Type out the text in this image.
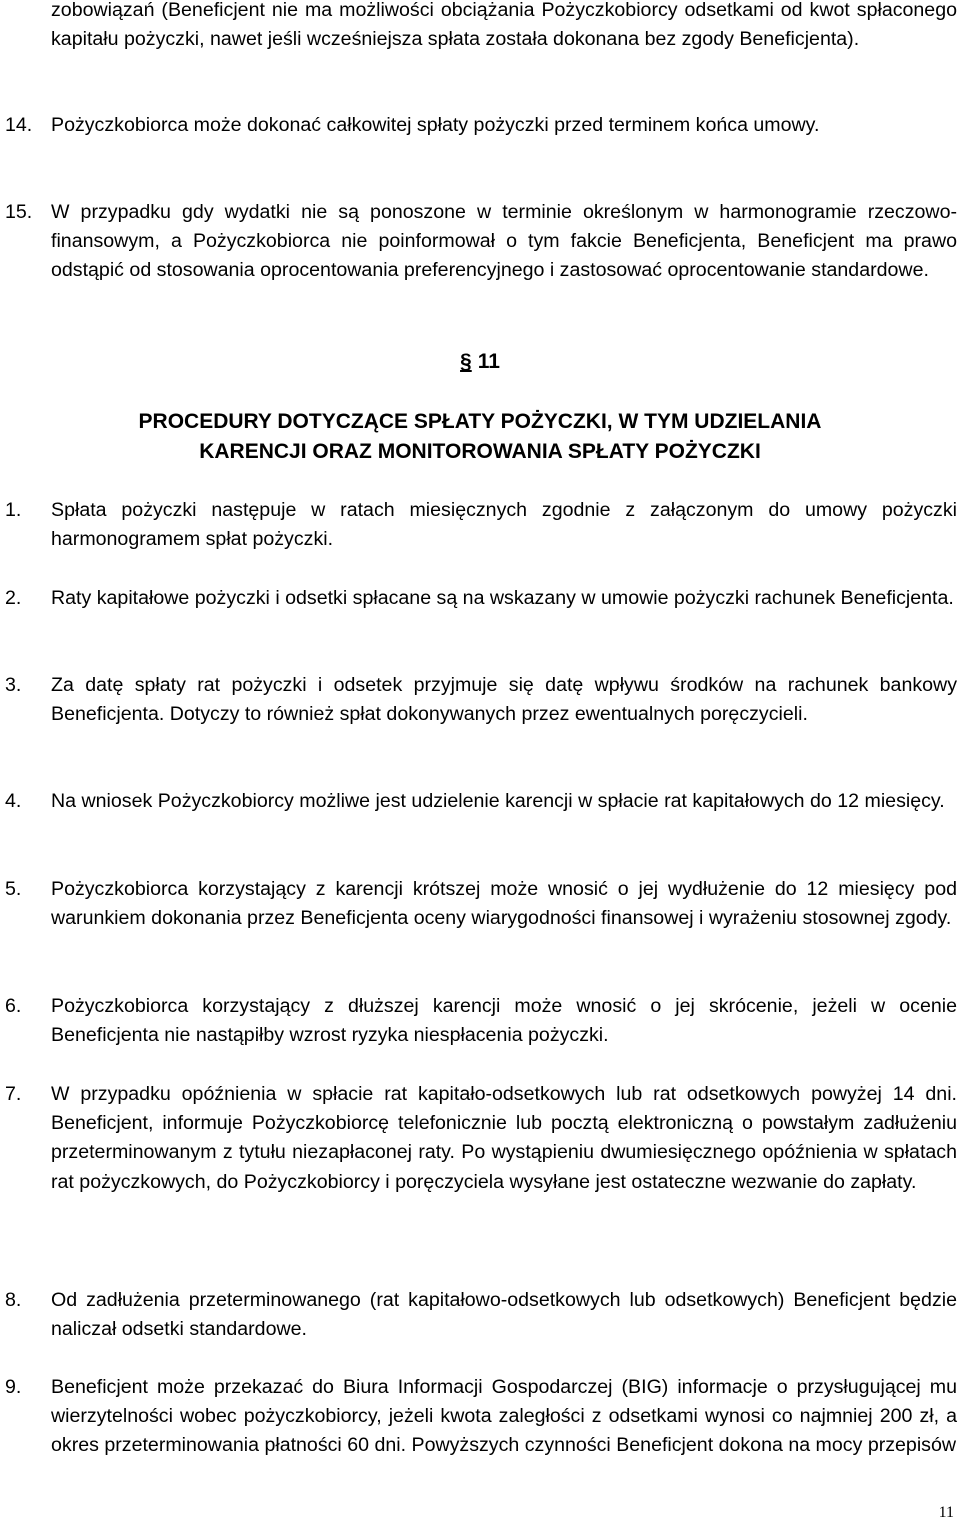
zobowiązań (Beneficjent nie ma możliwości obciążania Pożyczkobiorcy odsetkami od kwot spłaconego kapitału pożyczki, nawet jeśli wcześniejsza spłata została dokonana bez zgody Beneficjenta).
14. Pożyczkobiorca może dokonać całkowitej spłaty pożyczki przed terminem końca umowy.
15. W przypadku gdy wydatki nie są ponoszone w terminie określonym w harmonogramie rzeczowo-finansowym, a Pożyczkobiorca nie poinformował o tym fakcie Beneficjenta, Beneficjent ma prawo odstąpić od stosowania oprocentowania preferencyjnego i zastosować oprocentowanie standardowe.
§ 11
PROCEDURY DOTYCZĄCE SPŁATY POŻYCZKI, W TYM UDZIELANIA
KARENCJI ORAZ MONITOROWANIA SPŁATY POŻYCZKI
1. Spłata pożyczki następuje w ratach miesięcznych zgodnie z załączonym do umowy pożyczki harmonogramem spłat pożyczki.
2. Raty kapitałowe pożyczki i odsetki spłacane są na wskazany w umowie pożyczki rachunek Beneficjenta.
3. Za datę spłaty rat pożyczki i odsetek przyjmuje się datę wpływu środków na rachunek bankowy Beneficjenta. Dotyczy to również spłat dokonywanych przez ewentualnych poręczycieli.
4. Na wniosek Pożyczkobiorcy możliwe jest udzielenie karencji w spłacie rat kapitałowych do 12 miesięcy.
5. Pożyczkobiorca korzystający z karencji krótszej może wnosić o jej wydłużenie do 12 miesięcy pod warunkiem dokonania przez Beneficjenta oceny wiarygodności finansowej i wyrażeniu stosownej zgody.
6. Pożyczkobiorca korzystający z dłuższej karencji może wnosić o jej skrócenie, jeżeli w ocenie Beneficjenta nie nastąpiłby wzrost ryzyka niespłacenia pożyczki.
7. W przypadku opóźnienia w spłacie rat kapitało-odsetkowych lub rat odsetkowych powyżej 14 dni. Beneficjent, informuje Pożyczkobiorcę telefonicznie lub pocztą elektroniczną o powstałym zadłużeniu przeterminowanym z tytułu niezapłaconej raty. Po wystąpieniu dwumiesięcznego opóźnienia w spłatach rat pożyczkowych, do Pożyczkobiorcy i poręczyciela wysyłane jest ostateczne wezwanie do zapłaty.
8. Od zadłużenia przeterminowanego (rat kapitałowo-odsetkowych lub odsetkowych) Beneficjent będzie naliczał odsetki standardowe.
9. Beneficjent może przekazać do Biura Informacji Gospodarczej (BIG) informacje o przysługującej mu wierzytelności wobec pożyczkobiorcy, jeżeli kwota zaległości z odsetkami wynosi co najmniej 200 zł, a okres przeterminowania płatności 60 dni. Powyższych czynności Beneficjent dokona na mocy przepisów
11
